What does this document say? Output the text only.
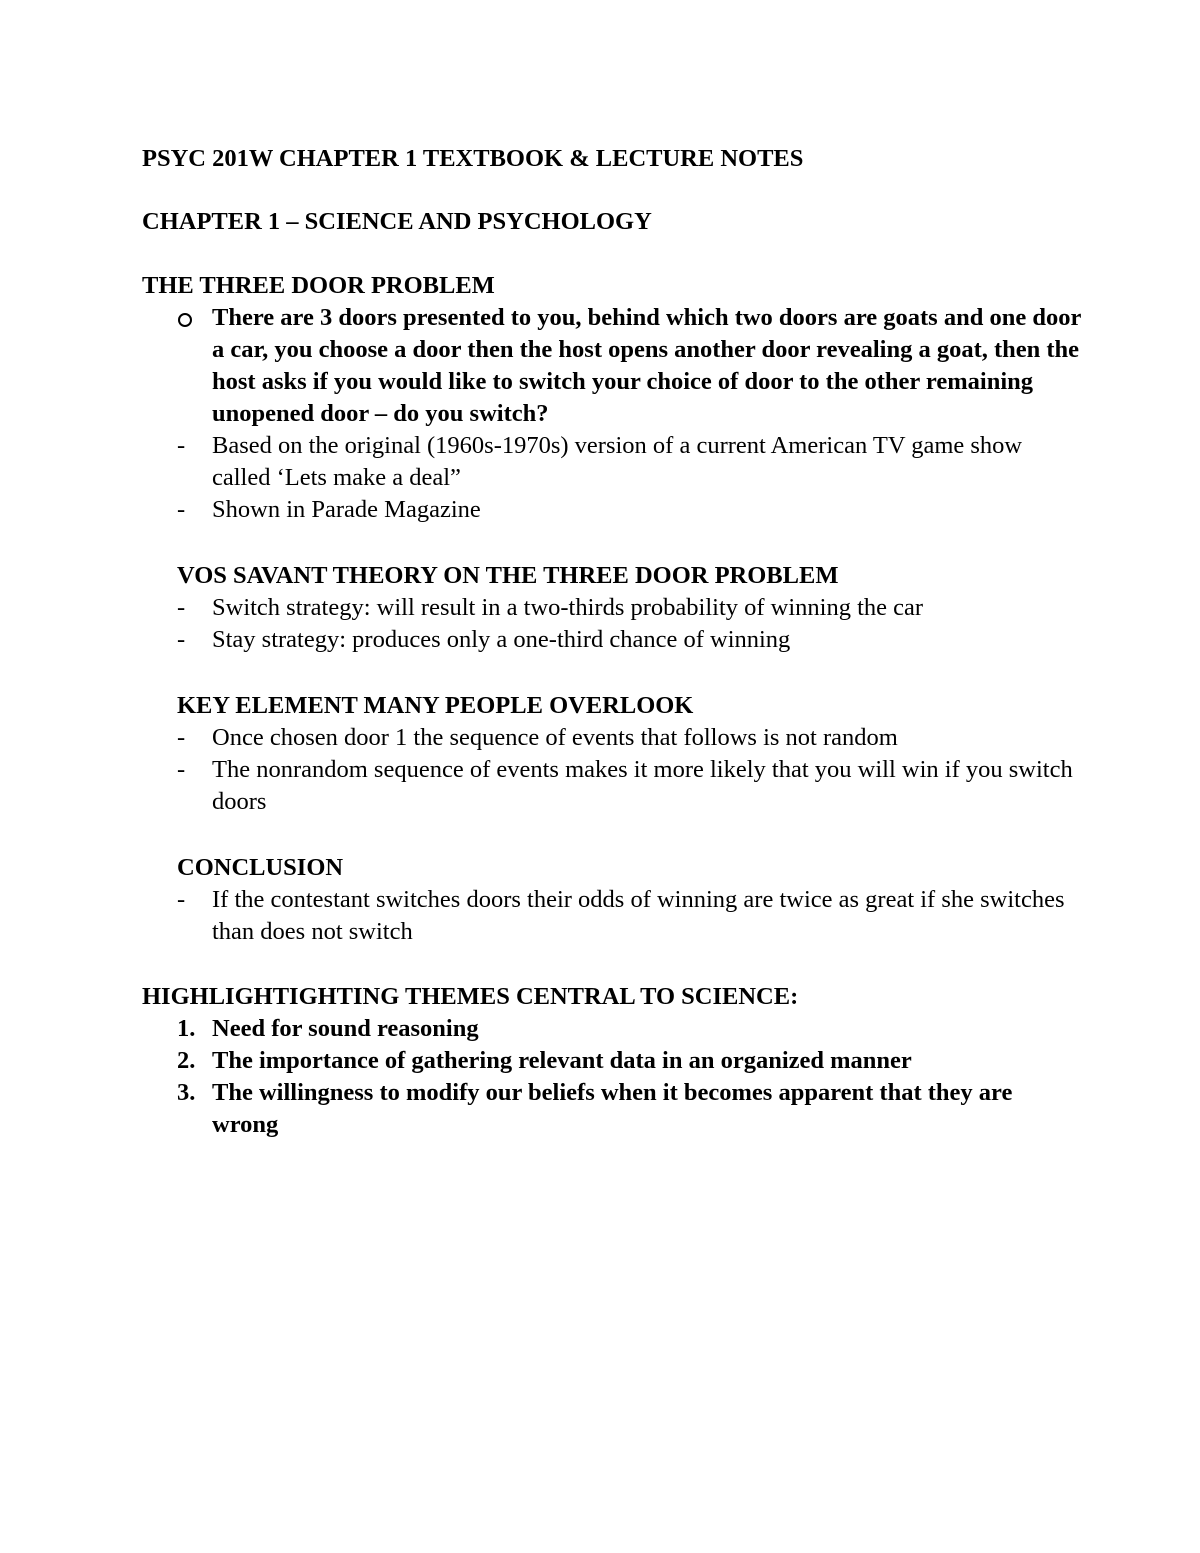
PSYC 201W CHAPTER 1 TEXTBOOK & LECTURE NOTES

CHAPTER 1 – SCIENCE AND PSYCHOLOGY

THE THREE DOOR PROBLEM

There are 3 doors presented to you, behind which two doors are goats and one door a car, you choose a door then the host opens another door revealing a goat, then the host asks if you would like to switch your choice of door to the other remaining unopened door – do you switch?
- Based on the original (1960s-1970s) version of a current American TV game show called ‘Lets make a deal”
- Shown in Parade Magazine

VOS SAVANT THEORY ON THE THREE DOOR PROBLEM

- Switch strategy: will result in a two-thirds probability of winning the car
- Stay strategy: produces only a one-third chance of winning

KEY ELEMENT MANY PEOPLE OVERLOOK

- Once chosen door 1 the sequence of events that follows is not random
- The nonrandom sequence of events makes it more likely that you will win if you switch doors

CONCLUSION

- If the contestant switches doors their odds of winning are twice as great if she switches than does not switch

HIGHLIGHTIGHTING THEMES CENTRAL TO SCIENCE:

1. Need for sound reasoning
2. The importance of gathering relevant data in an organized manner
3. The willingness to modify our beliefs when it becomes apparent that they are wrong
